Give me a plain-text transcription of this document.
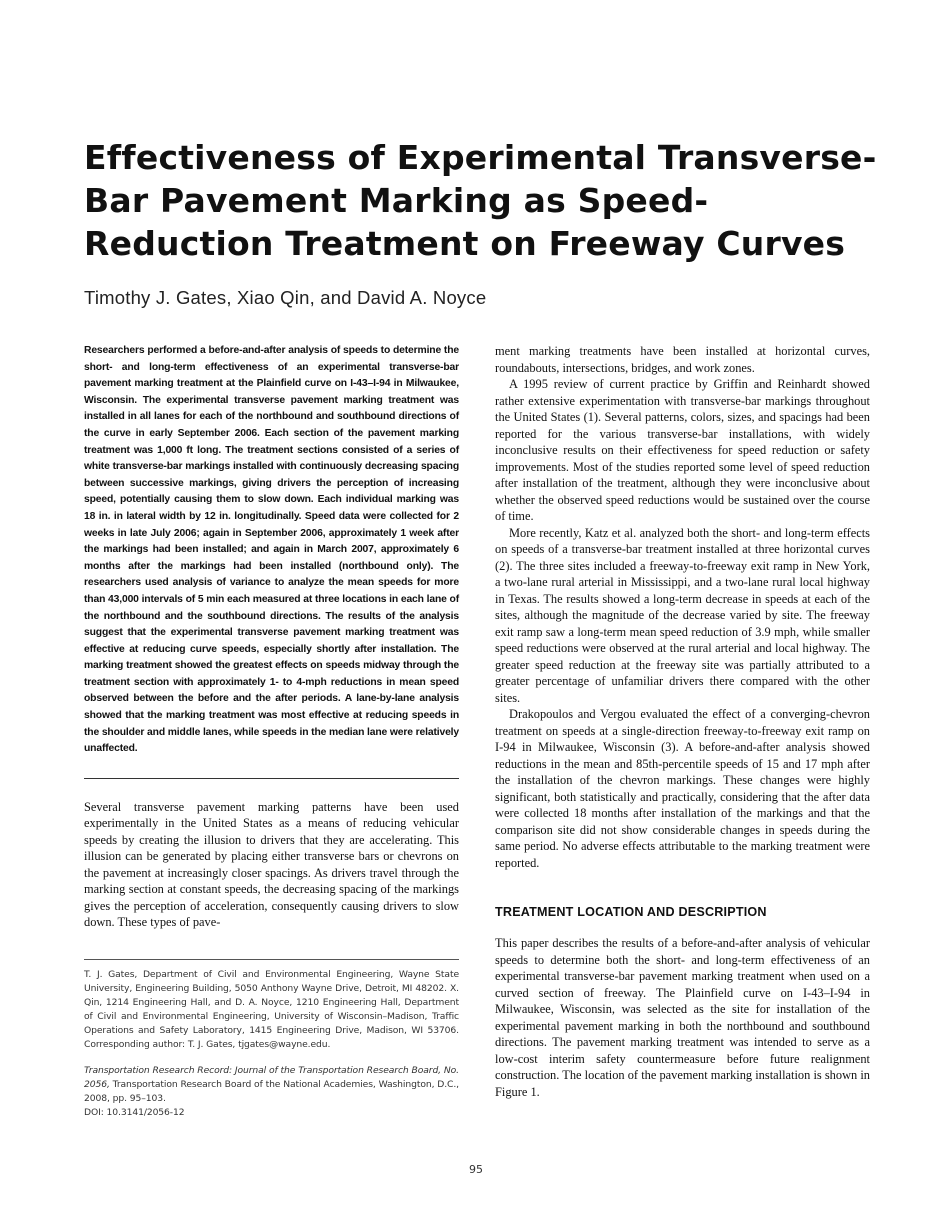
Effectiveness of Experimental Transverse-Bar Pavement Marking as Speed-Reduction Treatment on Freeway Curves

Timothy J. Gates, Xiao Qin, and David A. Noyce

Researchers performed a before-and-after analysis of speeds to determine the short- and long-term effectiveness of an experimental transverse-bar pavement marking treatment at the Plainfield curve on I-43–I-94 in Milwaukee, Wisconsin. The experimental transverse pavement marking treatment was installed in all lanes for each of the northbound and southbound directions of the curve in early September 2006. Each section of the pavement marking treatment was 1,000 ft long. The treatment sections consisted of a series of white transverse-bar markings installed with continuously decreasing spacing between successive markings, giving drivers the perception of increasing speed, potentially causing them to slow down. Each individual marking was 18 in. in lateral width by 12 in. longitudinally. Speed data were collected for 2 weeks in late July 2006; again in September 2006, approximately 1 week after the markings had been installed; and again in March 2007, approximately 6 months after the markings had been installed (northbound only). The researchers used analysis of variance to analyze the mean speeds for more than 43,000 intervals of 5 min each measured at three locations in each lane of the northbound and the southbound directions. The results of the analysis suggest that the experimental transverse pavement marking treatment was effective at reducing curve speeds, especially shortly after installation. The marking treatment showed the greatest effects on speeds midway through the treatment section with approximately 1- to 4-mph reductions in mean speed observed between the before and the after periods. A lane-by-lane analysis showed that the marking treatment was most effective at reducing speeds in the shoulder and middle lanes, while speeds in the median lane were relatively unaffected.

Several transverse pavement marking patterns have been used experimentally in the United States as a means of reducing vehicular speeds by creating the illusion to drivers that they are accelerating. This illusion can be generated by placing either transverse bars or chevrons on the pavement at increasingly closer spacings. As drivers travel through the marking section at constant speeds, the decreasing spacing of the markings gives the perception of acceleration, consequently causing drivers to slow down. These types of pave-

T. J. Gates, Department of Civil and Environmental Engineering, Wayne State University, Engineering Building, 5050 Anthony Wayne Drive, Detroit, MI 48202. X. Qin, 1214 Engineering Hall, and D. A. Noyce, 1210 Engineering Hall, Department of Civil and Environmental Engineering, University of Wisconsin–Madison, Traffic Operations and Safety Laboratory, 1415 Engineering Drive, Madison, WI 53706. Corresponding author: T. J. Gates, tjgates@wayne.edu.

Transportation Research Record: Journal of the Transportation Research Board, No. 2056, Transportation Research Board of the National Academies, Washington, D.C., 2008, pp. 95–103.

DOI: 10.3141/2056-12

ment marking treatments have been installed at horizontal curves, roundabouts, intersections, bridges, and work zones.

A 1995 review of current practice by Griffin and Reinhardt showed rather extensive experimentation with transverse-bar markings throughout the United States (1). Several patterns, colors, sizes, and spacings had been reported for the various transverse-bar installations, with widely inconclusive results on their effectiveness for speed reduction or safety improvements. Most of the studies reported some level of speed reduction after installation of the treatment, although they were inconclusive about whether the observed speed reductions would be sustained over the course of time.

More recently, Katz et al. analyzed both the short- and long-term effects on speeds of a transverse-bar treatment installed at three horizontal curves (2). The three sites included a freeway-to-freeway exit ramp in New York, a two-lane rural arterial in Mississippi, and a two-lane rural local highway in Texas. The results showed a long-term decrease in speeds at each of the sites, although the magnitude of the decrease varied by site. The freeway exit ramp saw a long-term mean speed reduction of 3.9 mph, while smaller speed reductions were observed at the rural arterial and local highway. The greater speed reduction at the freeway site was partially attributed to a greater percentage of unfamiliar drivers there compared with the other sites.

Drakopoulos and Vergou evaluated the effect of a converging-chevron treatment on speeds at a single-direction freeway-to-freeway exit ramp on I-94 in Milwaukee, Wisconsin (3). A before-and-after analysis showed reductions in the mean and 85th-percentile speeds of 15 and 17 mph after the installation of the chevron markings. These changes were highly significant, both statistically and practically, considering that the after data were collected 18 months after installation of the markings and that the comparison site did not show considerable changes in speeds during the same period. No adverse effects attributable to the marking treatment were reported.

TREATMENT LOCATION AND DESCRIPTION

This paper describes the results of a before-and-after analysis of vehicular speeds to determine both the short- and long-term effectiveness of an experimental transverse-bar pavement marking treatment when used on a curved section of freeway. The Plainfield curve on I-43–I-94 in Milwaukee, Wisconsin, was selected as the site for installation of the experimental pavement marking in both the northbound and southbound directions. The pavement marking treatment was intended to serve as a low-cost interim safety countermeasure before future realignment construction. The location of the pavement marking installation is shown in Figure 1.

95
